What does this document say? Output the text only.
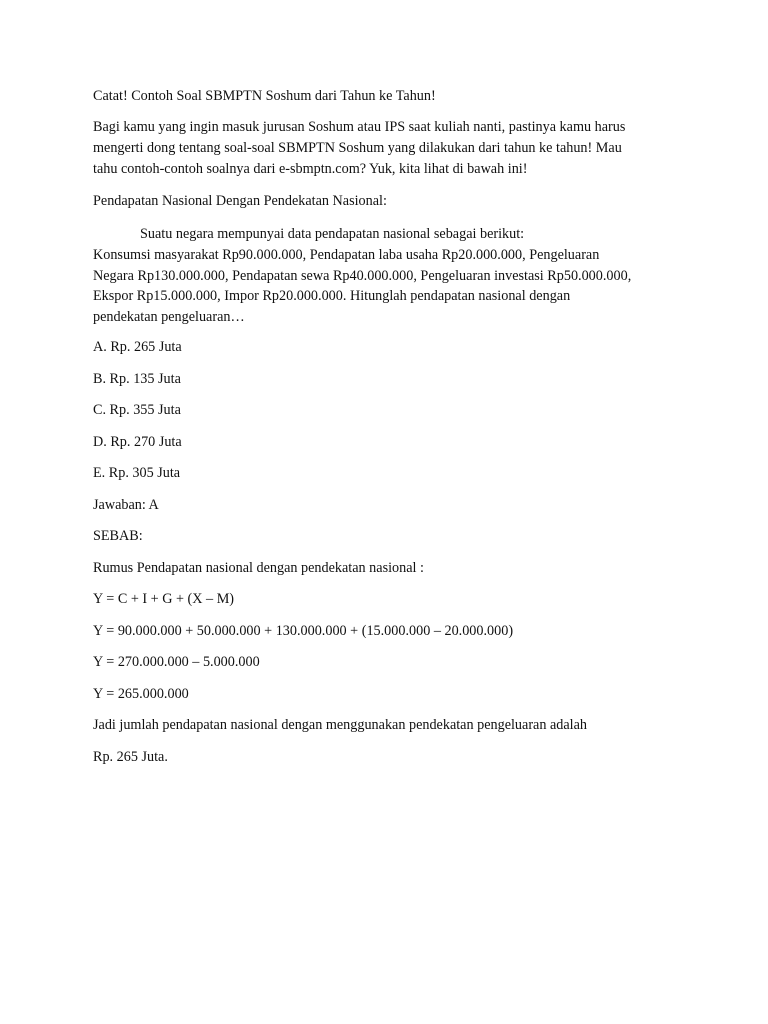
Catat! Contoh Soal SBMPTN Soshum dari Tahun ke Tahun!

Bagi kamu yang ingin masuk jurusan Soshum atau IPS saat kuliah nanti, pastinya kamu harus
mengerti dong tentang soal-soal SBMPTN Soshum yang dilakukan dari tahun ke tahun! Mau
tahu contoh-contoh soalnya dari e-sbmptn.com? Yuk, kita lihat di bawah ini!

Pendapatan Nasional Dengan Pendekatan Nasional:

Suatu negara mempunyai data pendapatan nasional sebagai berikut:
Konsumsi masyarakat Rp90.000.000, Pendapatan laba usaha Rp20.000.000, Pengeluaran
Negara Rp130.000.000, Pendapatan sewa Rp40.000.000, Pengeluaran investasi Rp50.000.000,
Ekspor Rp15.000.000, Impor Rp20.000.000. Hitunglah pendapatan nasional dengan
pendekatan pengeluaran…
A. Rp. 265 Juta
B. Rp. 135 Juta
C. Rp. 355 Juta
D. Rp. 270 Juta
E. Rp. 305 Juta
Jawaban: A
SEBAB:
Rumus Pendapatan nasional dengan pendekatan nasional :
Y = C + I + G + (X – M)
Y = 90.000.000 + 50.000.000 + 130.000.000 + (15.000.000 – 20.000.000)
Y = 270.000.000 – 5.000.000
Y = 265.000.000
Jadi jumlah pendapatan nasional dengan menggunakan pendekatan pengeluaran adalah
Rp. 265 Juta.
